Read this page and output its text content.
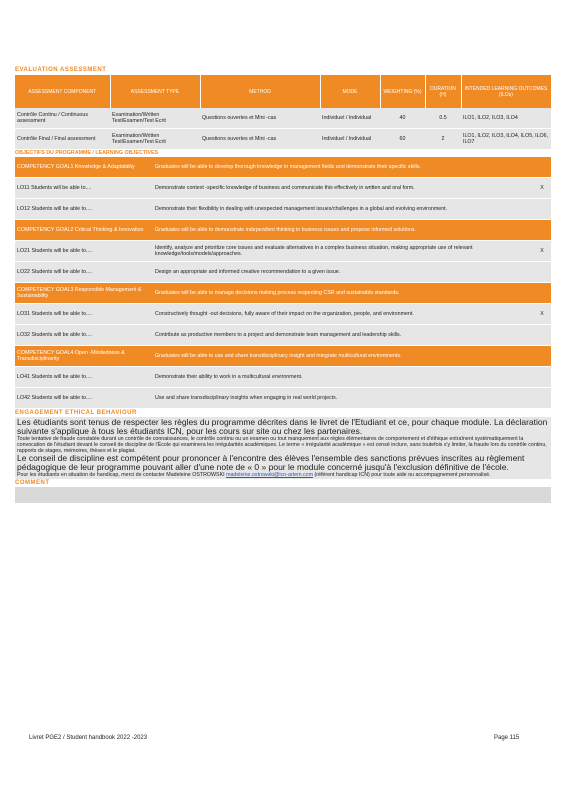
EVALUATION ASSESSMENT
ASSESSMENT COMPONENT	ASSESSMENT TYPE	METHOD	MODE	WEIGHTING (%)	DURATION (H)	INTENDED LEARNING OUTCOMES (ILOs)
Contrôle Continu / Continuous assessment	Examination/Written Test/Examen/Test Ecrit	Questions ouvertes et Mini -cas	Individuel / Individual	40	0.5	ILO1, ILO2, ILO3, ILO4
Contrôle Final / Final assessment	Examination/Written Test/Examen/Test Ecrit	Questions ouvertes et Mini -cas	Individuel / Individual	60	2	ILO1, ILO2, ILO3, ILO4, ILO5, ILO6, ILO7
OBJECTIFS DU PROGRAMME / LEARNING OBJECTIVES
COMPETENCY GOAL1 Knowledge & Adaptability	Graduates will be able to develop thorough knowledge in management fields and demonstrate their specific skills.	
LO11 Students will be able to....	Demonstrate context -specific knowledge of business and communicate this effectively in written and oral form.	X
LO12 Students will be able to....	Demonstrate their flexibility in dealing with unexpected management issues/challenges in a global and evolving environment.	
COMPETENCY GOAL2 Critical Thinking & Innovation	Graduates will be able to demonstrate independent thinking in business issues and propose informed solutions.	
LO21 Students will be able to....	Identify, analyze and prioritize core issues and evaluate alternatives in a complex business situation, making appropriate use of relevant knowledge/tools/models/approaches.	X
LO22 Students will be able to....	Design an appropriate and informed creative recommendation to a given issue.	
COMPETENCY GOAL3 Responsible Management & Sustainability	Graduates will be able to manage decisions making process respecting CSR and sustainable standards.	
LO31 Students will be able to....	Constructively thought -out decisions, fully aware of their impact on the organization, people, and environment.	X
LO32 Students will be able to....	Contribute as productive members to a project and demonstrate team management and leadership skills.	
COMPETENCY GOAL4 Open -Mindedness & Transdisciplinarity	Graduates will be able to use and share transdisciplinary insight and integrate multicultural environments.	
LO41 Students will be able to....	Demonstrate their ability to work in a multicultural environment.	
LO42 Students will be able to....	Use and share transdisciplinary insights when engaging in real world projects.	
ENGAGEMENT ETHICAL BEHAVIOUR

Les étudiants sont tenus de respecter les règles du programme décrites dans le livret de l'Etudiant et ce, pour chaque module. La déclaration suivante s'applique à tous les étudiants ICN, pour les cours sur site ou chez les partenaires.

Toute tentative de fraude constatée durant un contrôle de connaissances, le contrôle continu ou un examen ou tout manquement aux règles élémentaires de comportement et d'éthique entraînent systématiquement la convocation de l'étudiant devant le conseil de discipline de l'École qui examinera les irrégularités académiques. Le terme « irrégularité académique » est censé inclure, sans toutefois s'y limiter, la fraude lors du contrôle continu, rapports de stages, mémoires, thèses et le plagiat.

Le conseil de discipline est compétent pour prononcer à l'encontre des élèves l'ensemble des sanctions prévues inscrites au règlement pédagogique de leur programme pouvant aller d'une note de « 0 » pour le module concerné jusqu'à l'exclusion définitive de l'école.

Pour les étudiants en situation de handicap, merci de contacter Madeleine OSTROWSKI madeleine.ostrowski@icn-artem.com (référent handicap ICN) pour toute aide ou accompagnement personnalisé.

COMMENT
Livret PGE2 / Student handbook 2022 -2023	Page 115
